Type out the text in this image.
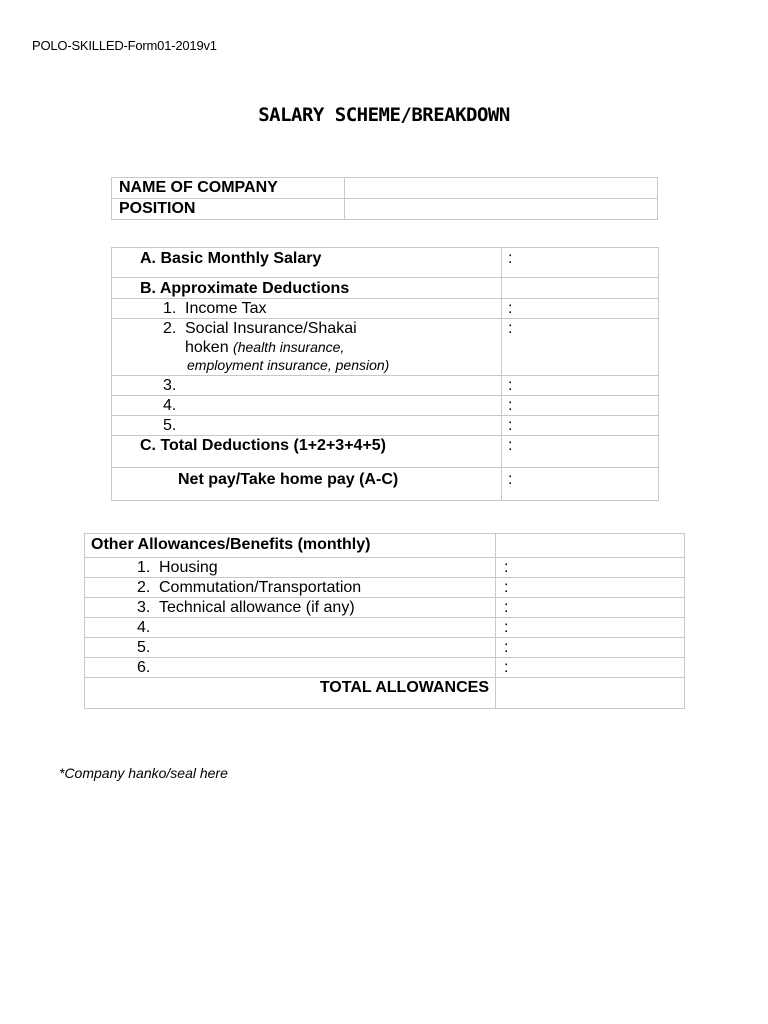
POLO-SKILLED-Form01-2019v1
SALARY SCHEME/BREAKDOWN
NAME OF COMPANY	
POSITION	
A. Basic Monthly Salary	:
B. Approximate Deductions	

1. Income Tax	:

2. Social Insurance/Shakai
hoken (health insurance,
employment insurance, pension)	:

3.	:

4.	:

5.	:
C. Total Deductions (1+2+3+4+5)	:
Net pay/Take home pay (A-C)	:
Other Allowances/Benefits (monthly)	

1. Housing	:

2. Commutation/Transportation	:

3. Technical allowance (if any)	:

4.	:

5.	:

6.	:
TOTAL ALLOWANCES	
*Company hanko/seal here
